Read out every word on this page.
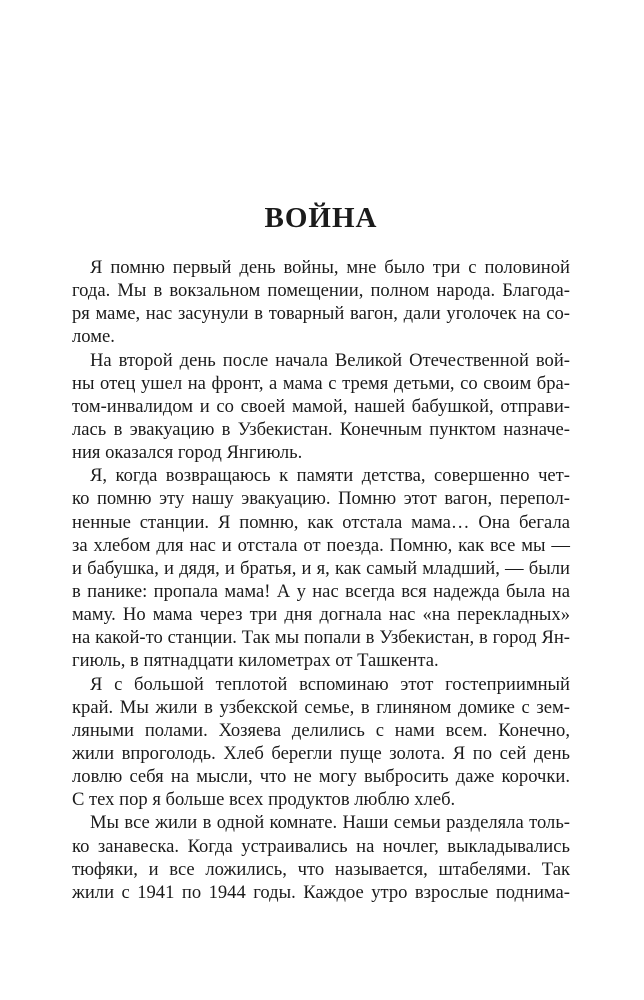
ВОЙНА

Я помню первый день войны, мне было три с половиной
года. Мы в вокзальном помещении, полном народа. Благода-
ря маме, нас засунули в товарный вагон, дали уголочек на со-
ломе.

На второй день после начала Великой Отечественной вой-
ны отец ушел на фронт, а мама с тремя детьми, со своим бра-
том-инвалидом и со своей мамой, нашей бабушкой, отправи-
лась в эвакуацию в Узбекистан. Конечным пунктом назначе-
ния оказался город Янгиюль.

Я, когда возвращаюсь к памяти детства, совершенно чет-
ко помню эту нашу эвакуацию. Помню этот вагон, перепол-
ненные станции. Я помню, как отстала мама… Она бегала
за хлебом для нас и отстала от поезда. Помню, как все мы —
и бабушка, и дядя, и братья, и я, как самый младший, — были
в панике: пропала мама! А у нас всегда вся надежда была на
маму. Но мама через три дня догнала нас «на перекладных»
на какой-то станции. Так мы попали в Узбекистан, в город Ян-
гиюль, в пятнадцати километрах от Ташкента.

Я с большой теплотой вспоминаю этот гостеприимный
край. Мы жили в узбекской семье, в глиняном домике с зем-
ляными полами. Хозяева делились с нами всем. Конечно,
жили впроголодь. Хлеб берегли пуще золота. Я по сей день
ловлю себя на мысли, что не могу выбросить даже корочки.
С тех пор я больше всех продуктов люблю хлеб.

Мы все жили в одной комнате. Наши семьи разделяла толь-
ко занавеска. Когда устраивались на ночлег, выкладывались
тюфяки, и все ложились, что называется, штабелями. Так
жили с 1941 по 1944 годы. Каждое утро взрослые поднима-
